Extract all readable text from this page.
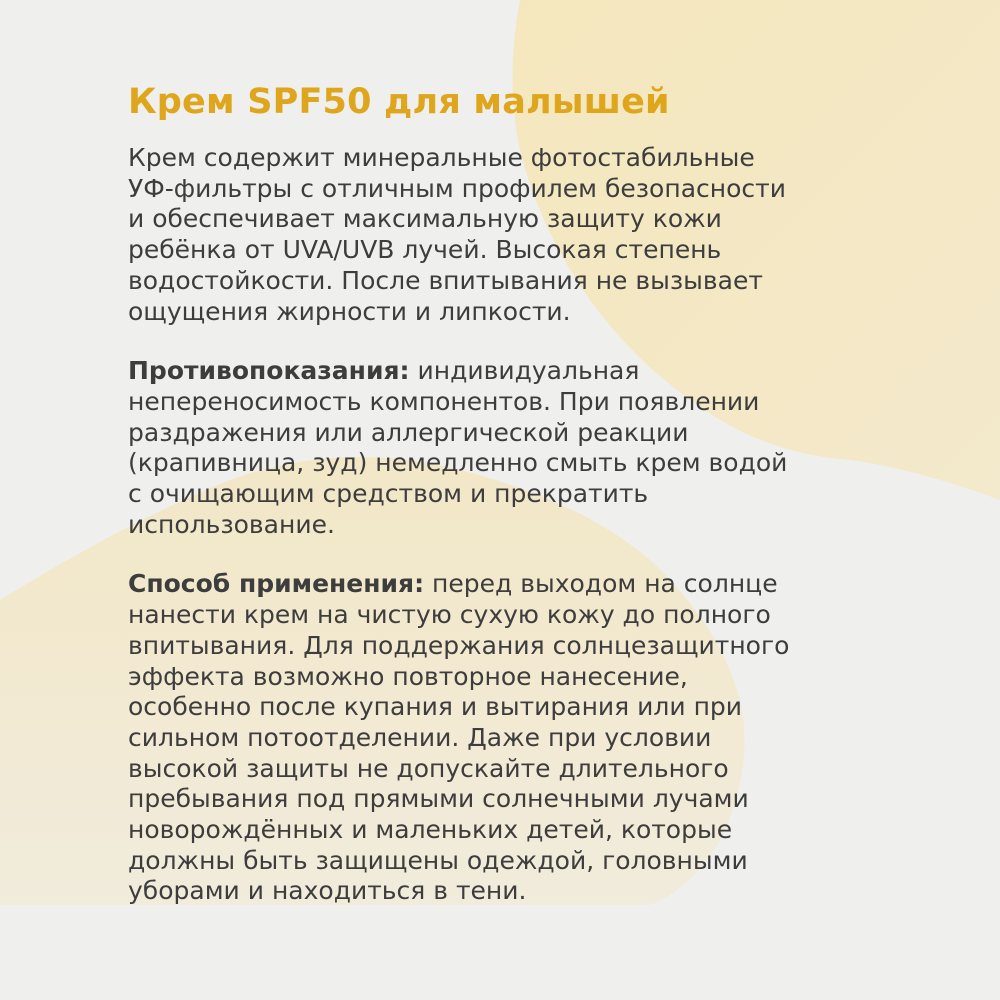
Крем SPF50 для малышей

Крем содержит минеральные фотостабильные
УФ-фильтры с отличным профилем безопасности
и обеспечивает максимальную защиту кожи
ребёнка от UVA/UVB лучей. Высокая степень
водостойкости. После впитывания не вызывает
ощущения жирности и липкости.

Противопоказания: индивидуальная
непереносимость компонентов. При появлении
раздражения или аллергической реакции
(крапивница, зуд) немедленно смыть крем водой
с очищающим средством и прекратить
использование.

Способ применения: перед выходом на солнце
нанести крем на чистую сухую кожу до полного
впитывания. Для поддержания солнцезащитного
эффекта возможно повторное нанесение,
особенно после купания и вытирания или при
сильном потоотделении. Даже при условии
высокой защиты не допускайте длительного
пребывания под прямыми солнечными лучами
новорождённых и маленьких детей, которые
должны быть защищены одеждой, головными
уборами и находиться в тени.
